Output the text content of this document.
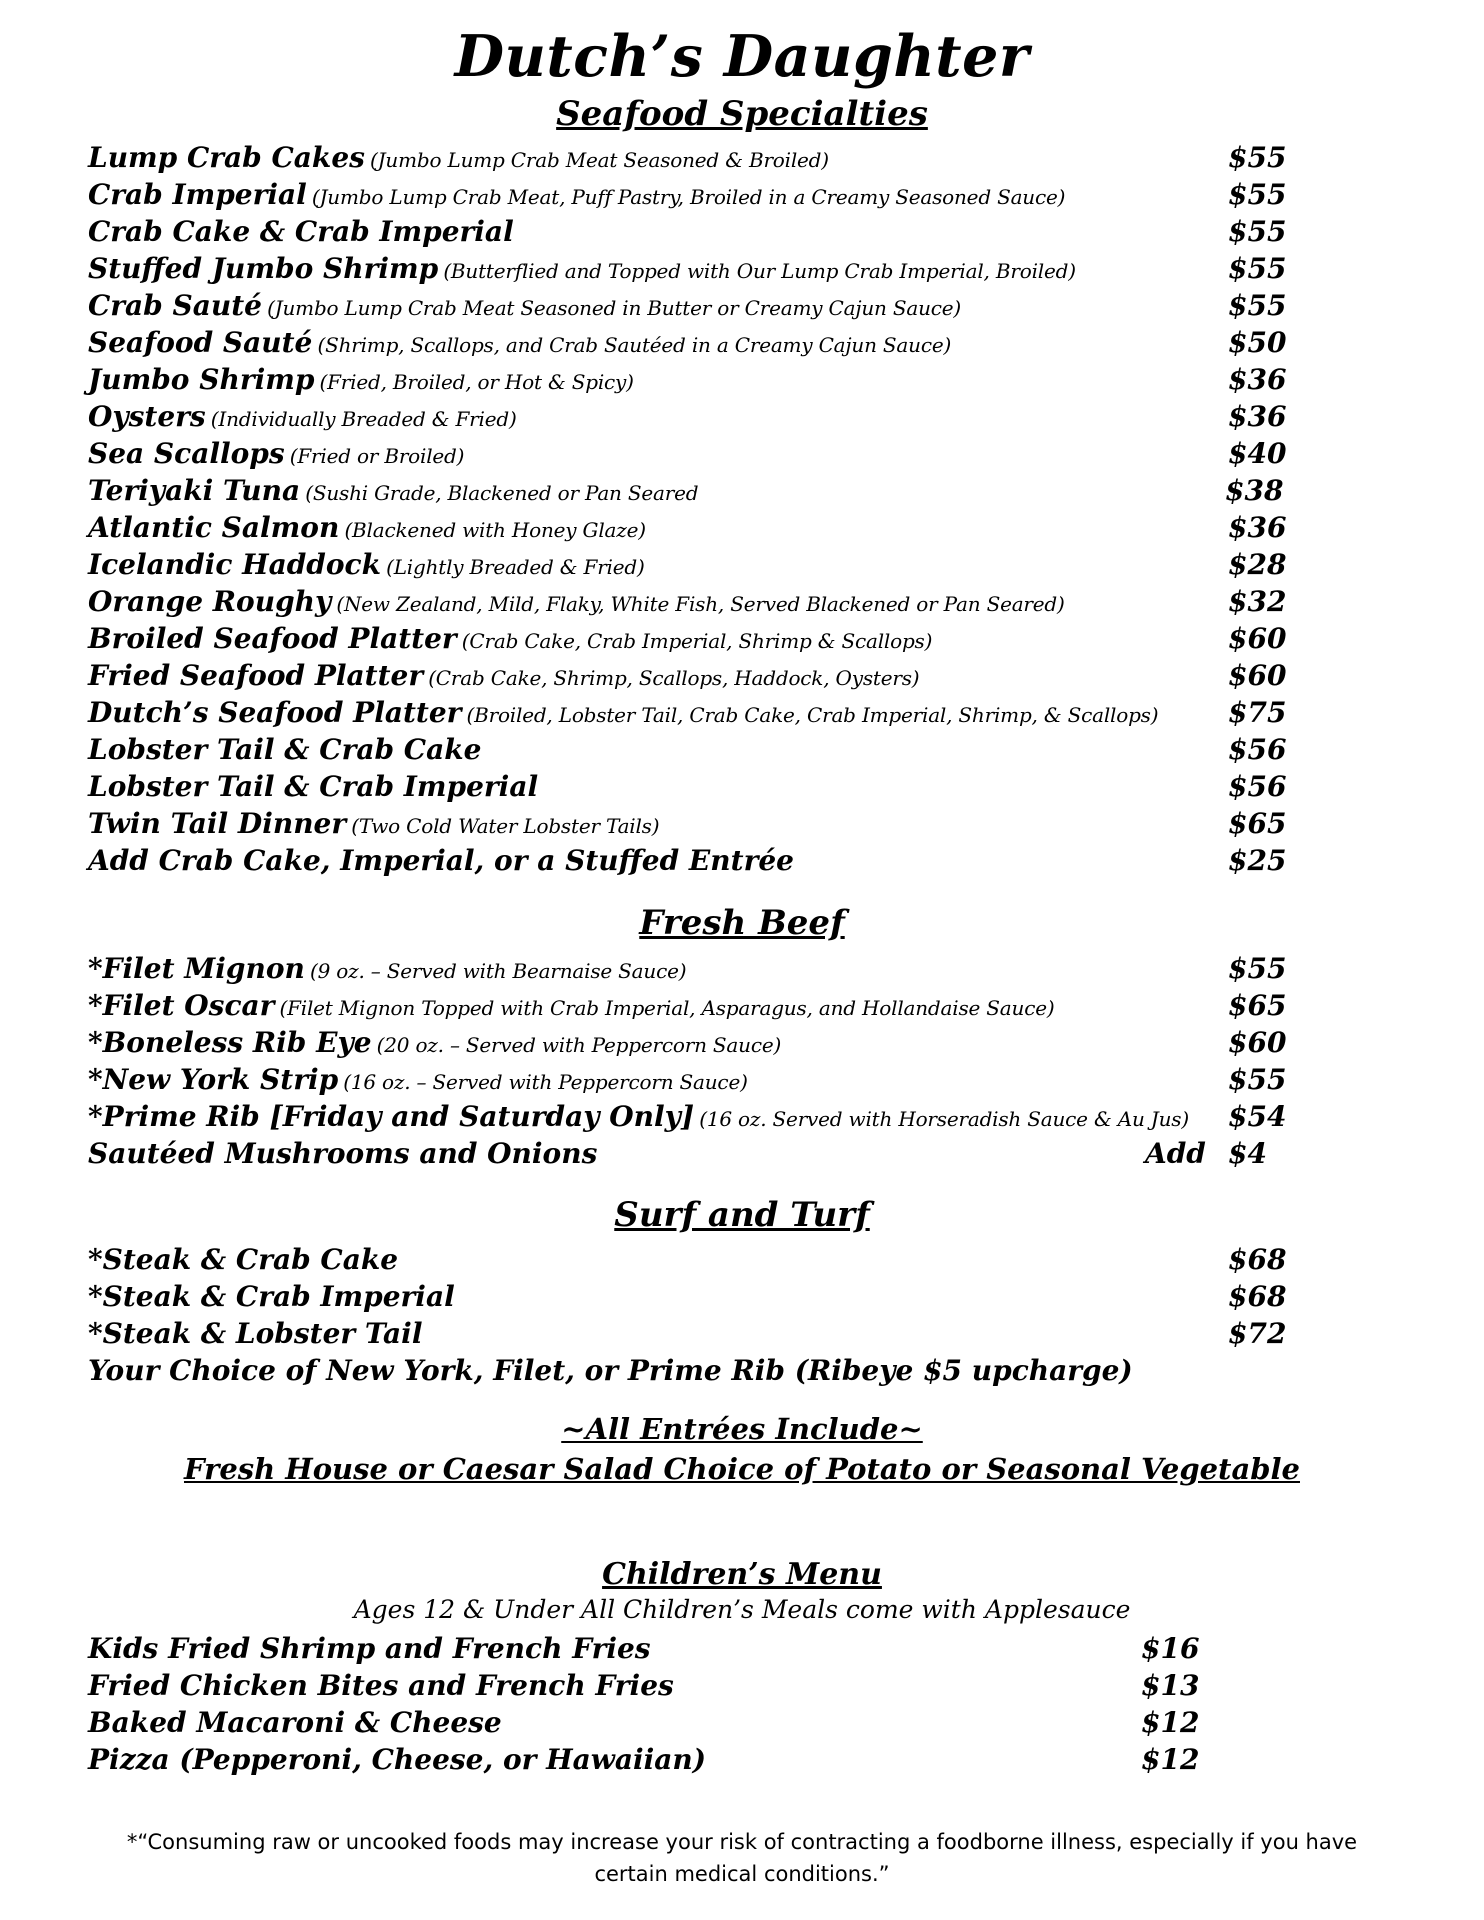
Dutch’s Daughter
Seafood Specialties
Lump Crab Cakes (Jumbo Lump Crab Meat Seasoned & Broiled)	$55
Crab Imperial (Jumbo Lump Crab Meat, Puff Pastry, Broiled in a Creamy Seasoned Sauce)	$55
Crab Cake & Crab Imperial	$55
Stuffed Jumbo Shrimp (Butterflied and Topped with Our Lump Crab Imperial, Broiled)	$55
Crab Sauté (Jumbo Lump Crab Meat Seasoned in Butter or Creamy Cajun Sauce)	$55
Seafood Sauté (Shrimp, Scallops, and Crab Sautéed in a Creamy Cajun Sauce)	$50
Jumbo Shrimp (Fried, Broiled, or Hot & Spicy)	$36
Oysters (Individually Breaded & Fried)	$36
Sea Scallops (Fried or Broiled)	$40
Teriyaki Tuna (Sushi Grade, Blackened or Pan Seared	$38
Atlantic Salmon (Blackened with Honey Glaze)	$36
Icelandic Haddock (Lightly Breaded & Fried)	$28
Orange Roughy (New Zealand, Mild, Flaky, White Fish, Served Blackened or Pan Seared)	$32
Broiled Seafood Platter (Crab Cake, Crab Imperial, Shrimp & Scallops)	$60
Fried Seafood Platter (Crab Cake, Shrimp, Scallops, Haddock, Oysters)	$60
Dutch’s Seafood Platter (Broiled, Lobster Tail, Crab Cake, Crab Imperial, Shrimp, & Scallops) $75
Lobster Tail & Crab Cake	$56
Lobster Tail & Crab Imperial	$56
Twin Tail Dinner (Two Cold Water Lobster Tails)	$65
Add Crab Cake, Imperial, or a Stuffed Entrée	$25
Fresh Beef
*Filet Mignon (9 oz. – Served with Bearnaise Sauce)	$55
*Filet Oscar (Filet Mignon Topped with Crab Imperial, Asparagus, and Hollandaise Sauce)	$65
*Boneless Rib Eye (20 oz. – Served with Peppercorn Sauce)	$60
*New York Strip (16 oz. – Served with Peppercorn Sauce)	$55
*Prime Rib [Friday and Saturday Only] (16 oz. Served with Horseradish Sauce & Au Jus) $54
Sautéed Mushrooms and Onions	Add $4
Surf and Turf
*Steak & Crab Cake	$68
*Steak & Crab Imperial	$68
*Steak & Lobster Tail	$72
Your Choice of New York, Filet, or Prime Rib (Ribeye $5 upcharge)
~All Entrées Include~
Fresh House or Caesar Salad Choice of Potato or Seasonal Vegetable
Children’s Menu
Ages 12 & Under All Children’s Meals come with Applesauce
Kids Fried Shrimp and French Fries	$16
Fried Chicken Bites and French Fries	$13
Baked Macaroni & Cheese	$12
Pizza (Pepperoni, Cheese, or Hawaiian)	$12
*“Consuming raw or uncooked foods may increase your risk of contracting a foodborne illness, especially if you have
certain medical conditions.”
